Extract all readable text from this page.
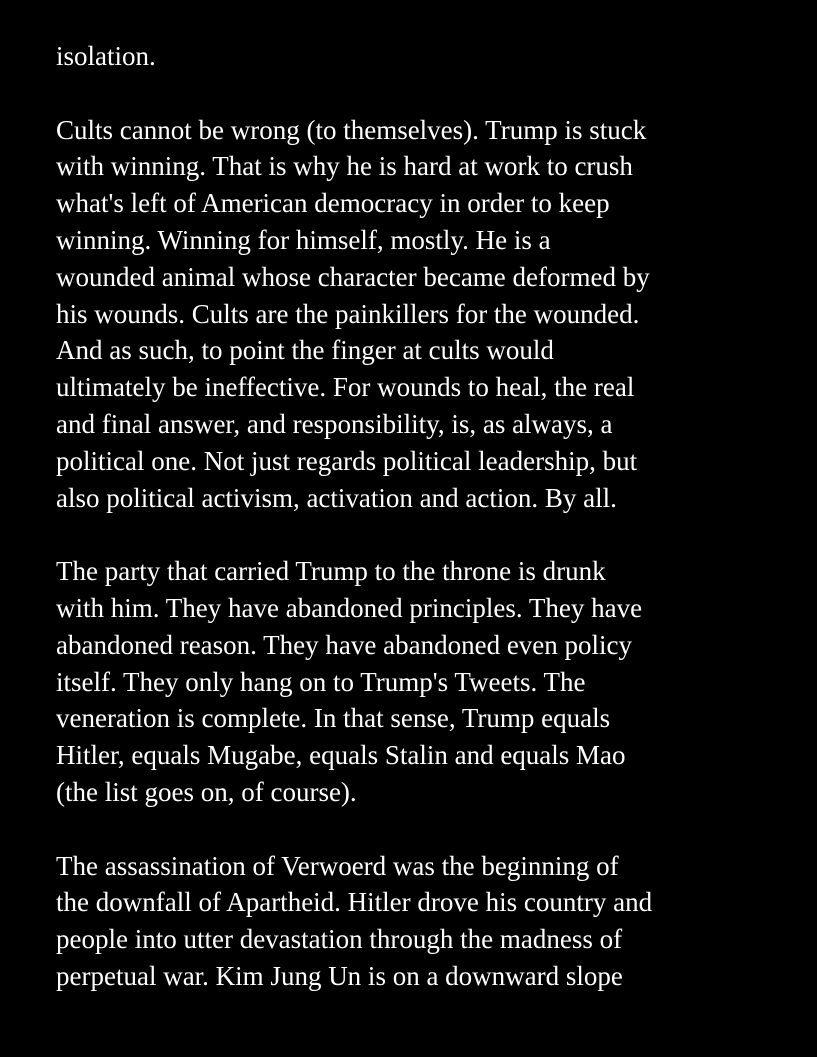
isolation.
Cults cannot be wrong (to themselves). Trump is stuck
with winning. That is why he is hard at work to crush
what's left of American democracy in order to keep
winning. Winning for himself, mostly. He is a
wounded animal whose character became deformed by
his wounds. Cults are the painkillers for the wounded.
And as such, to point the finger at cults would
ultimately be ineffective. For wounds to heal, the real
and final answer, and responsibility, is, as always, a
political one. Not just regards political leadership, but
also political activism, activation and action. By all.
The party that carried Trump to the throne is drunk
with him. They have abandoned principles. They have
abandoned reason. They have abandoned even policy
itself. They only hang on to Trump's Tweets. The
veneration is complete. In that sense, Trump equals
Hitler, equals Mugabe, equals Stalin and equals Mao
(the list goes on, of course).
The assassination of Verwoerd was the beginning of
the downfall of Apartheid. Hitler drove his country and
people into utter devastation through the madness of
perpetual war. Kim Jung Un is on a downward slope
